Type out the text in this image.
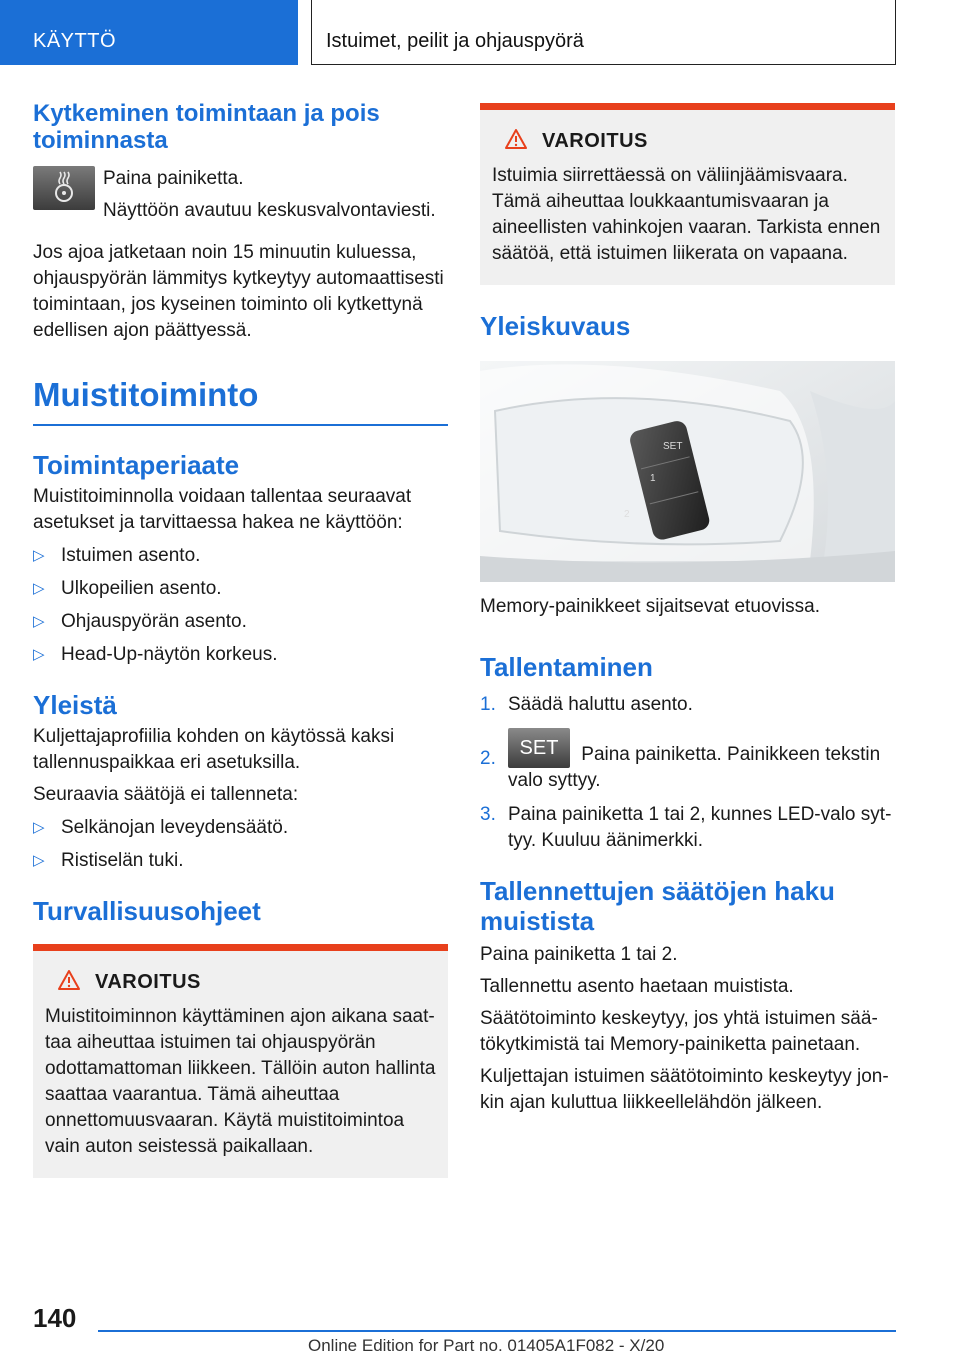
KÄYTTÖ	Istuimet, peilit ja ohjauspyörä
Kytkeminen toimintaan ja pois toiminnasta

Paina painiketta.

Näyttöön avautuu keskusvalvontaviesti.

Jos ajoa jatketaan noin 15 minuutin kuluessa, ohjauspyörän lämmitys kytkeytyy automaattisesti toimintaan, jos kyseinen toiminto oli kytkettynä edellisen ajon päättyessä.

Muistitoiminto
Toimintaperiaate

Muistitoiminnolla voidaan tallentaa seuraavat asetukset ja tarvittaessa hakea ne käyttöön:

▷ Istuimen asento.
▷ Ulkopeilien asento.
▷ Ohjauspyörän asento.
▷ Head-Up-näytön korkeus.
Yleistä

Kuljettajaprofiilia kohden on käytössä kaksi tallennuspaikkaa eri asetuksilla.

Seuraavia säätöjä ei tallenneta:

▷ Selkänojan leveydensäätö.
▷ Ristiselän tuki.
Turvallisuusohjeet
VAROITUS

Muistitoiminnon käyttäminen ajon aikana saattaa aiheuttaa istuimen tai ohjauspyörän odottamattoman liikkeen. Tällöin auton hallinta saattaa vaarantua. Tämä aiheuttaa onnettomuusvaaran. Käytä muistitoimintoa vain auton seistessä paikallaan.

VAROITUS

Istuimia siirrettäessä on väliinjäämisvaara. Tämä aiheuttaa loukkaantumisvaaran ja aineellisten vahinkojen vaaran. Tarkista ennen säätöä, että istuimen liikerata on vapaana.

Yleiskuvaus
SET
1
2

Memory-painikkeet sijaitsevat etuovissa.

Tallentaminen
1. Säädä haluttu asento.
2.	SET Paina painiketta. Painikkeen tekstin valo syttyy.
3. Paina painiketta 1 tai 2, kunnes LED-valo syttyy. Kuuluu äänimerkki.
Tallennettujen säätöjen haku muistista

Paina painiketta 1 tai 2.

Tallennettu asento haetaan muistista.

Säätötoiminto keskeytyy, jos yhtä istuimen säätökytkimistä tai Memory-painiketta painetaan.

Kuljettajan istuimen säätötoiminto keskeytyy jonkin ajan kuluttua liikkeellelähdön jälkeen.

140
Online Edition for Part no. 01405A1F082 - X/20
